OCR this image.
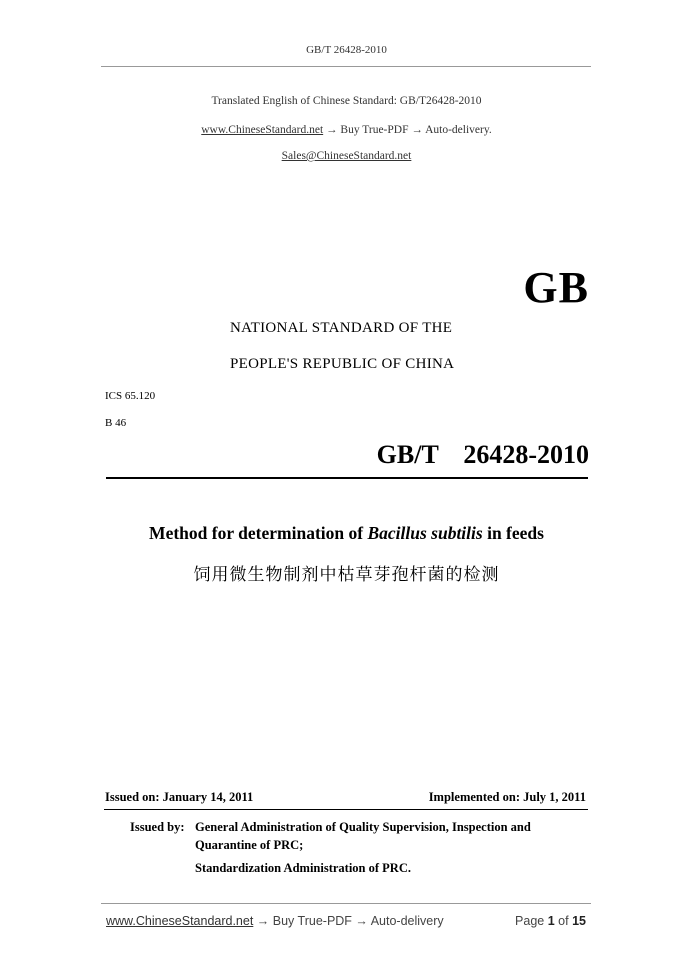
GB/T 26428-2010
Translated English of Chinese Standard: GB/T26428-2010
www.ChineseStandard.net → Buy True-PDF → Auto-delivery.
Sales@ChineseStandard.net
GB
NATIONAL STANDARD OF THE
PEOPLE'S REPUBLIC OF CHINA
ICS 65.120
B 46
GB/T  26428-2010
Method for determination of Bacillus subtilis in feeds
饲用微生物制剂中枯草芽孢杆菌的检测
Issued on: January 14, 2011	Implemented on: July 1, 2011
Issued by: General Administration of Quality Supervision, Inspection and
Quarantine of PRC;
Standardization Administration of PRC.
www.ChineseStandard.net → Buy True-PDF → Auto-delivery	Page 1 of 15
